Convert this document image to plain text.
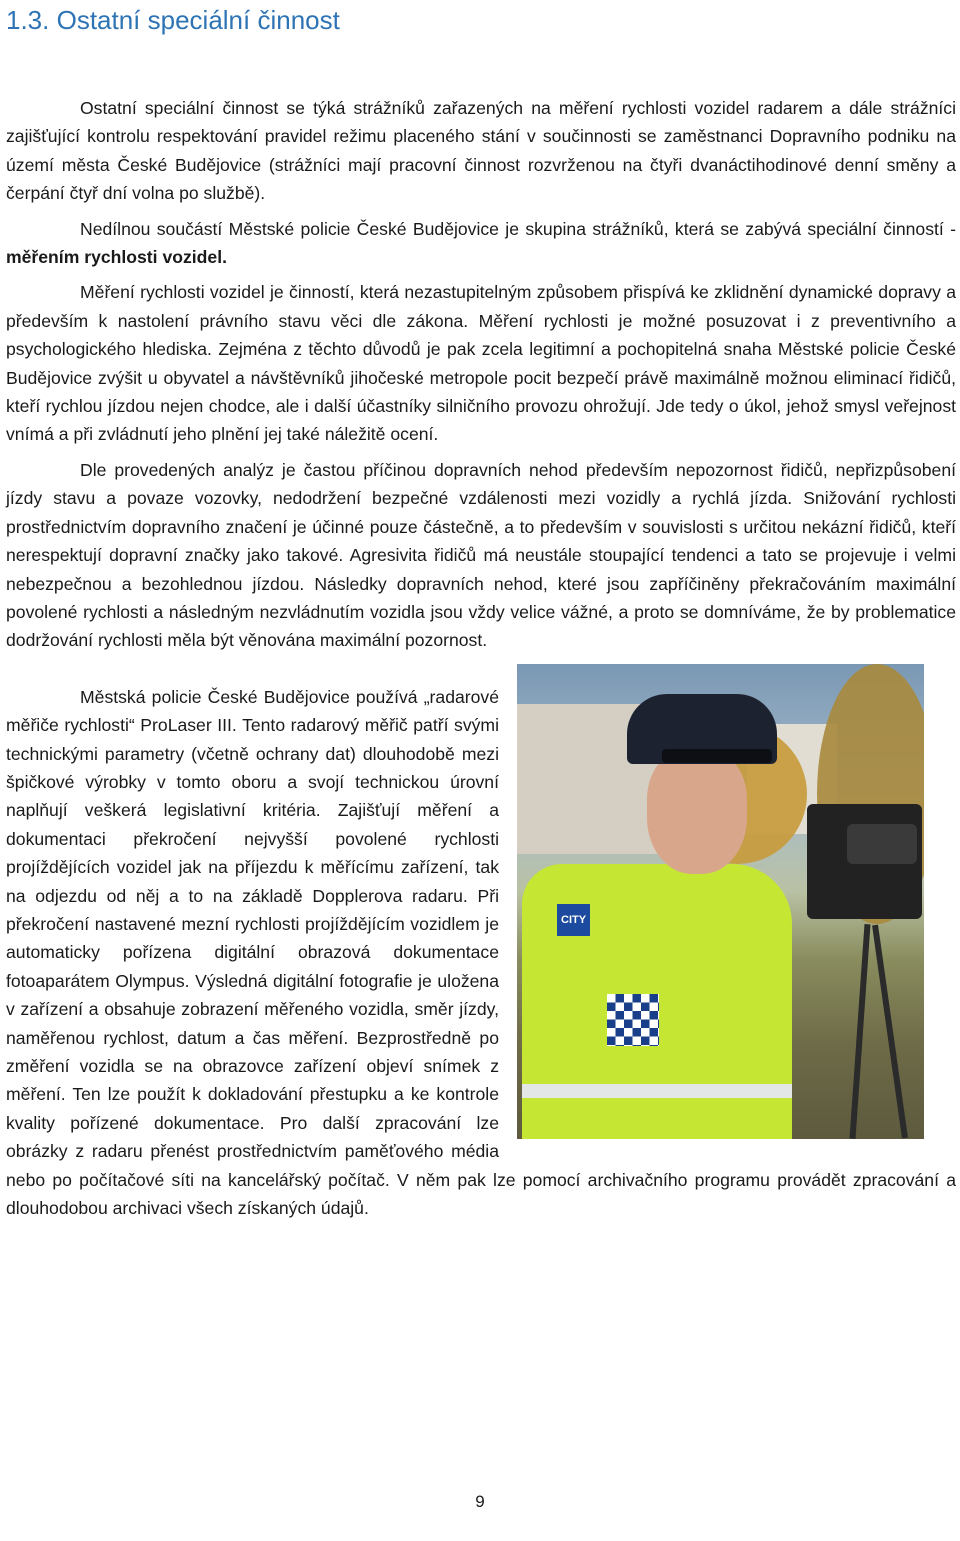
1.3. Ostatní speciální činnost

Ostatní speciální činnost se týká strážníků zařazených na měření rychlosti vozidel radarem a dále strážníci zajišťující kontrolu respektování pravidel režimu placeného stání v součinnosti se zaměstnanci Dopravního podniku na území města České Budějovice (strážníci mají pracovní činnost rozvrženou na čtyři dvanáctihodinové denní směny a čerpání čtyř dní volna po službě).

Nedílnou součástí Městské policie České Budějovice je skupina strážníků, která se zabývá speciální činností - měřením rychlosti vozidel.

Měření rychlosti vozidel je činností, která nezastupitelným způsobem přispívá ke zklidnění dynamické dopravy a především k nastolení právního stavu věci dle zákona. Měření rychlosti je možné posuzovat i z preventivního a psychologického hlediska. Zejména z těchto důvodů je pak zcela legitimní a pochopitelná snaha Městské policie České Budějovice zvýšit u obyvatel a návštěvníků jihočeské metropole pocit bezpečí právě maximálně možnou eliminací řidičů, kteří rychlou jízdou nejen chodce, ale i další účastníky silničního provozu ohrožují. Jde tedy o úkol, jehož smysl veřejnost vnímá a při zvládnutí jeho plnění jej také náležitě ocení.

Dle provedených analýz je častou příčinou dopravních nehod především nepozornost řidičů, nepřizpůsobení jízdy stavu a povaze vozovky, nedodržení bezpečné vzdálenosti mezi vozidly a rychlá jízda. Snižování rychlosti prostřednictvím dopravního značení je účinné pouze částečně, a to především v souvislosti s určitou nekázní řidičů, kteří nerespektují dopravní značky jako takové. Agresivita řidičů má neustále stoupající tendenci a tato se projevuje i velmi nebezpečnou a bezohlednou jízdou. Následky dopravních nehod, které jsou zapříčiněny překračováním maximální povolené rychlosti a následným nezvládnutím vozidla jsou vždy velice vážné, a proto se domníváme, že by problematice dodržování rychlosti měla být věnována maximální pozornost.

CITY

Městská policie České Budějovice používá „radarové měřiče rychlosti“ ProLaser III. Tento radarový měřič patří svými technickými parametry (včetně ochrany dat) dlouhodobě mezi špičkové výrobky v tomto oboru a svojí technickou úrovní naplňují veškerá legislativní kritéria. Zajišťují měření a dokumentaci překročení nejvyšší povolené rychlosti projíždějících vozidel jak na příjezdu k měřícímu zařízení, tak na odjezdu od něj a to na základě Dopplerova radaru. Při překročení nastavené mezní rychlosti projíždějícím vozidlem je automaticky pořízena digitální obrazová dokumentace fotoaparátem Olympus. Výsledná digitální fotografie je uložena v zařízení a obsahuje zobrazení měřeného vozidla, směr jízdy, naměřenou rychlost, datum a čas měření. Bezprostředně po změření vozidla se na obrazovce zařízení objeví snímek z měření. Ten lze použít k dokladování přestupku a ke kontrole kvality pořízené dokumentace. Pro další zpracování lze obrázky z radaru přenést prostřednictvím paměťového média nebo po počítačové síti na kancelářský počítač. V něm pak lze pomocí archivačního programu provádět zpracování a dlouhodobou archivaci všech získaných údajů.

9
